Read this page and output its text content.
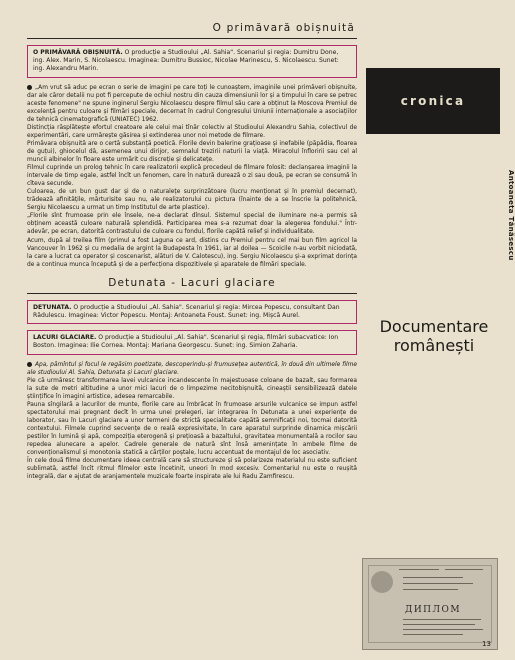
O primăvară obișnuită
O PRIMĂVARĂ OBIȘNUITĂ. O producție a Studioului „Al. Sahia". Scenariul și regia: Dumitru Done, ing. Alex. Marin, S. Nicolaescu. Imaginea: Dumitru Bussioc, Nicolae Marinescu, S. Nicolaescu. Sunet: ing. Alexandru Marin.

„Am vrut să aduc pe ecran o serie de imagini pe care toți le cunoaștem, imaginile unei primăveri obișnuite, dar ale căror detalii nu pot fi percepute de ochiul nostru din cauza dimensiunii lor și a timpului în care se petrec aceste fenomene" ne spune inginerul Sergiu Nicolaescu despre filmul său care a obținut la Moscova Premiul de excelență pentru culoare și filmări speciale, decernat în cadrul Congresului Uniunii internaționale a asociațiilor de tehnică cinematografică (UNIATEC) 1962.

Distincția răsplătește efortul creatoare ale celui mai tînăr colectiv al Studioului Alexandru Sahia, colectivul de experimentări, care urmărește găsirea și extinderea unor noi metode de filmare.

Primăvara obișnuită are o certă substanță poetică. Florile devin balerine grațioase și inefabile (păpădia, floarea de guțui), ghiocelul dă, asemenea unui dirijor, semnalul trezirii naturii la viață. Miracolul înfloririi sau cel al muncii albinelor în floare este urmărit cu discreție și delicatețe.

Filmul cuprinde un prolog tehnic în care realizatorii explică procedeul de filmare folosit: declanșarea imaginii la intervale de timp egale, astfel încît un fenomen, care în natură durează o zi sau două, pe ecran se consumă în cîteva secunde.

Culoarea, de un bun gust dar și de o naturalețe surprinzătoare (lucru menționat și în premiul decernat), trădează afinitățile, mărturisite sau nu, ale realizatorului cu pictura (înainte de a se înscrie la politehnică, Sergiu Nicolaescu a urmat un timp Institutul de arte plastice).

„Florile sînt frumoase prin ele însele, ne-a declarat dînsul. Sistemul special de iluminare ne-a permis să obținem această culoare naturală splendidă. Participarea mea s-a rezumat doar la alegerea fondului." Într-adevăr, pe ecran, datorită contrastului de culoare cu fondul, florile capătă relief și individualitate.

Acum, după al treilea film (primul a fost Laguna ce ard, distins cu Premiul pentru cel mai bun film agricol la Vancouver în 1962 și cu medalia de argint la Budapesta în 1961, iar al doilea — Scoicile n-au vorbit niciodată, la care a lucrat ca operator și coscenarist, alături de V. Calotescu), ing. Sergiu Nicolaescu și-a exprimat dorința de a continua munca începută și de a perfecționa dispozitivele și aparatele de filmări speciale.

Detunata - Lacuri glaciare
DETUNATA. O producție a Studioului „Al. Sahia". Scenariul și regia: Mircea Popescu, consultant Dan Rădulescu. Imaginea: Victor Popescu. Montaj: Antoaneta Foust. Sunet: ing. Mișcă Aurel.
LACURI GLACIARE. O producție a Studioului „Al. Sahia". Scenariul și regia, filmări subacvatice: Ion Boston. Imaginea: Ilie Cornea. Montaj: Mariana Georgescu. Sunet: ing. Simion Zaharia.

Apa, pămîntul și focul le regăsim poetizate, descoperindu-și frumusețea autentică, în două din ultimele filme ale studioului Al. Sahia, Detunata și Lacuri glaciare.

Pie că urmăresc transformarea lavei vulcanice incandescente în majestuoase coloane de bazalt, sau formarea la sute de metri altitudine a unor mici lacuri de o limpezime necitobișnuită, cineaștii sensibilizează datele științifice în imagini artistice, adesea remarcabile.

Pauna sîngilară a lacurilor de munte, florile care au îmbrăcat în frumoase arsurile vulcanice se impun astfel spectatorului mai pregnant decît în urma unei prelegeri, iar integrarea în Detunata a unei experiențe de laborator, sau în Lacuri glaciare a unor termeni de strictă specialitate capătă semnificații noi, tocmai datorită contextului. Filmele cuprind secvențe de o reală expresivitate, în care aparatul surprinde dinamica mișcării pestilor în lumină și apă, compoziția eterogenă și prețioasă a bazaltului, gravitatea monumentală a rocilor sau repedea alunecare a apelor. Cadrele generale de natură sînt însă amenințate în ambele filme de convenționalismul și monotonia statică a cărților poștale, lucru accentuat de montajul de loc asociativ.

În cele două filme documentare ideea centrală care să structureze și să polarizeze materialul nu este suficient sublimată, astfel încît ritmul filmelor este încetinit, uneori în mod excesiv. Comentariul nu este o reușită integrală, dar e ajutat de aranjamentele muzicale foarte inspirate ale lui Radu Zamfirescu.

cronica
Antoaneta Tănăsescu
Documentare
românești
ДИПЛОМ
13
